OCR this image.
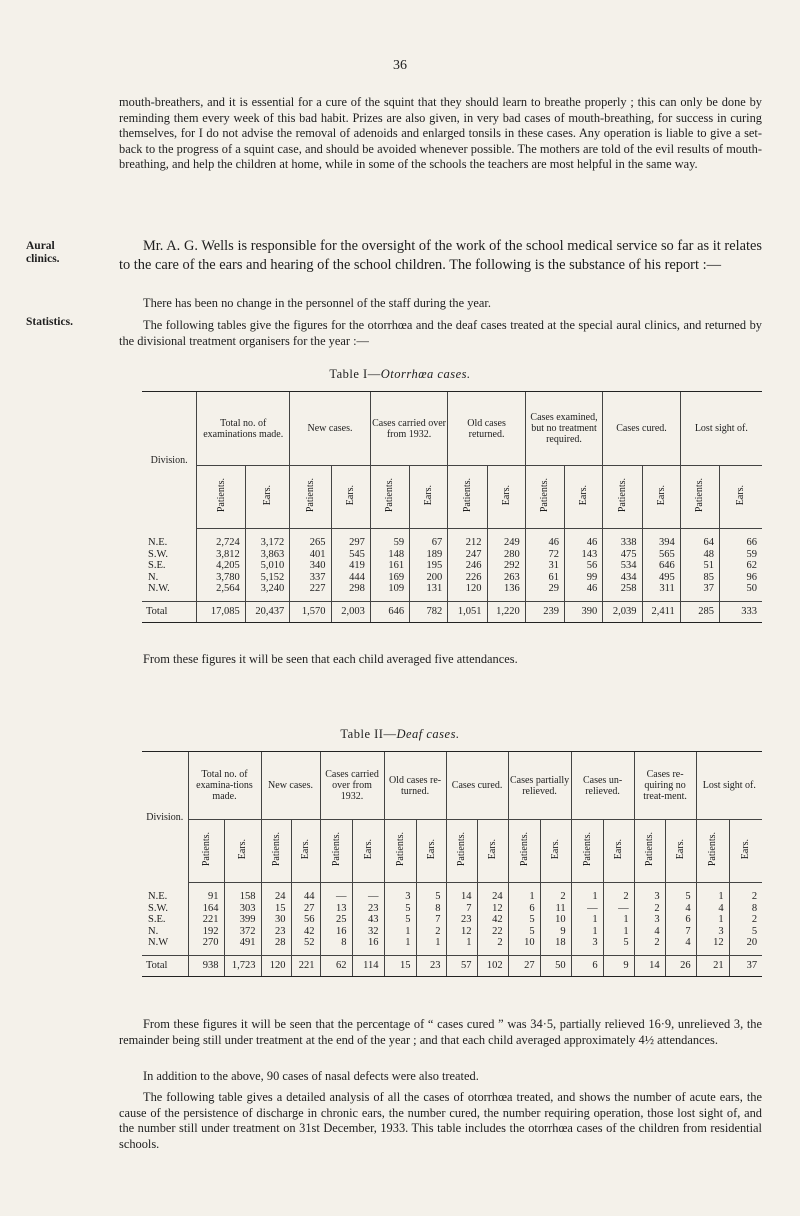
36

mouth-breathers, and it is essential for a cure of the squint that they should learn to breathe properly ; this can only be done by reminding them every week of this bad habit. Prizes are also given, in very bad cases of mouth-breathing, for success in curing themselves, for I do not advise the removal of adenoids and enlarged tonsils in these cases. Any operation is liable to give a set-back to the progress of a squint case, and should be avoided whenever possible. The mothers are told of the evil results of mouth-breathing, and help the children at home, while in some of the schools the teachers are most helpful in the same way.

Aural clinics.

Mr. A. G. Wells is responsible for the oversight of the work of the school medical service so far as it relates to the care of the ears and hearing of the school children. The following is the substance of his report :—

There has been no change in the personnel of the staff during the year.

Statistics.	The following tables give the figures for the otorrhœa and the deaf cases treated at the special aural clinics, and returned by the divisional treatment organisers for the year :—

Table I—Otorrhœa cases.
Division.	Total no. of examinations made.		New cases.		Cases carried over from 1932.		Old cases returned.		Cases examined, but no treatment required.		Cases cured.		Lost sight of.	
	Patients.	Ears.	Patients.	Ears.	Patients.	Ears.	Patients.	Ears.	Patients.	Ears.	Patients.	Ears.	Patients.	Ears.
N.E.	2,724	3,172	265	297	59	67	212	249	46	46	338	394	64	66
S.W.	3,812	3,863	401	545	148	189	247	280	72	143	475	565	48	59
S.E.	4,205	5,010	340	419	161	195	246	292	31	56	534	646	51	62
N.	3,780	5,152	337	444	169	200	226	263	61	99	434	495	85	96
N.W.	2,564	3,240	227	298	109	131	120	136	29	46	258	311	37	50
Total	17,085	20,437	1,570	2,003	646	782	1,051	1,220	239	390	2,039	2,411	285	333

From these figures it will be seen that each child averaged five attendances.

Table II—Deaf cases.
Division.	Total no. of examina-tions made.		New cases.		Cases carried over from 1932.		Old cases re-turned.		Cases cured.		Cases partially relieved.		Cases un-relieved.		Cases re-quiring no treat-ment.		Lost sight of.	
	Patients.	Ears.	Patients.	Ears.	Patients.	Ears.	Patients.	Ears.	Patients.	Ears.	Patients.	Ears.	Patients.	Ears.	Patients.	Ears.	Patients.	Ears.
N.E.	91	158	24	44	—	—	3	5	14	24	1	2	1	2	3	5	1	2
S.W.	164	303	15	27	13	23	5	8	7	12	6	11	—	—	2	4	4	8
S.E.	221	399	30	56	25	43	5	7	23	42	5	10	1	1	3	6	1	2
N.	192	372	23	42	16	32	1	2	12	22	5	9	1	1	4	7	3	5
N.W	270	491	28	52	8	16	1	1	1	2	10	18	3	5	2	4	12	20
Total	938	1,723	120	221	62	114	15	23	57	102	27	50	6	9	14	26	21	37

From these figures it will be seen that the percentage of “ cases cured ” was 34·5, partially relieved 16·9, unrelieved 3, the remainder being still under treatment at the end of the year ; and that each child averaged approximately 4½ attendances.

In addition to the above, 90 cases of nasal defects were also treated.

The following table gives a detailed analysis of all the cases of otorrhœa treated, and shows the number of acute ears, the cause of the persistence of discharge in chronic ears, the number cured, the number requiring operation, those lost sight of, and the number still under treatment on 31st December, 1933. This table includes the otorrhœa cases of the children from residential schools.
